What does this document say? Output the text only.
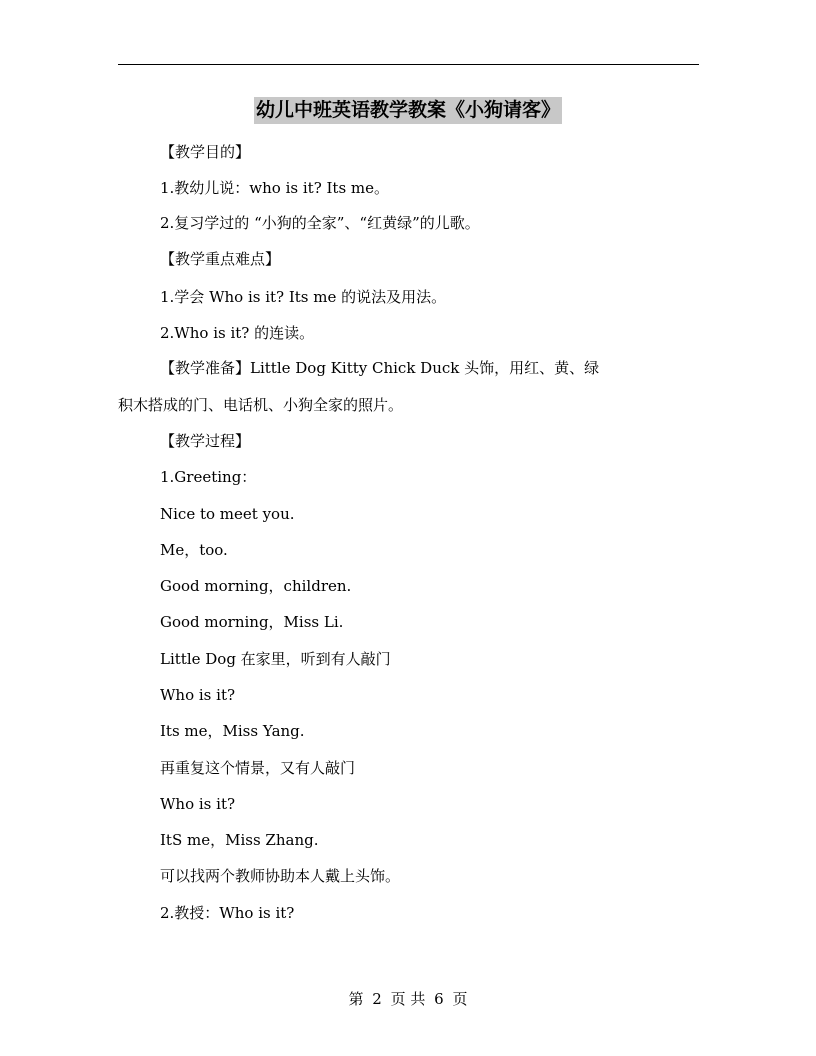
幼儿中班英语教学教案《小狗请客》
【教学目的】
1.教幼儿说：who is it? Its me。
2.复习学过的 “小狗的全家”、“红黄绿”的儿歌。
【教学重点难点】
1.学会 Who is it? Its me 的说法及用法。
2.Who is it? 的连读。
【教学准备】Little Dog Kitty Chick Duck 头饰，用红、黄、绿
积木搭成的门、电话机、小狗全家的照片。
【教学过程】
1.Greeting：
Nice to meet you.
Me，too.
Good morning，children.
Good morning，Miss Li.
Little Dog 在家里，听到有人敲门
Who is it?
Its me，Miss Yang.
再重复这个情景，又有人敲门
Who is it?
ItS me，Miss Zhang.
可以找两个教师协助本人戴上头饰。
2.教授：Who is it?
第 2 页 共 6 页
